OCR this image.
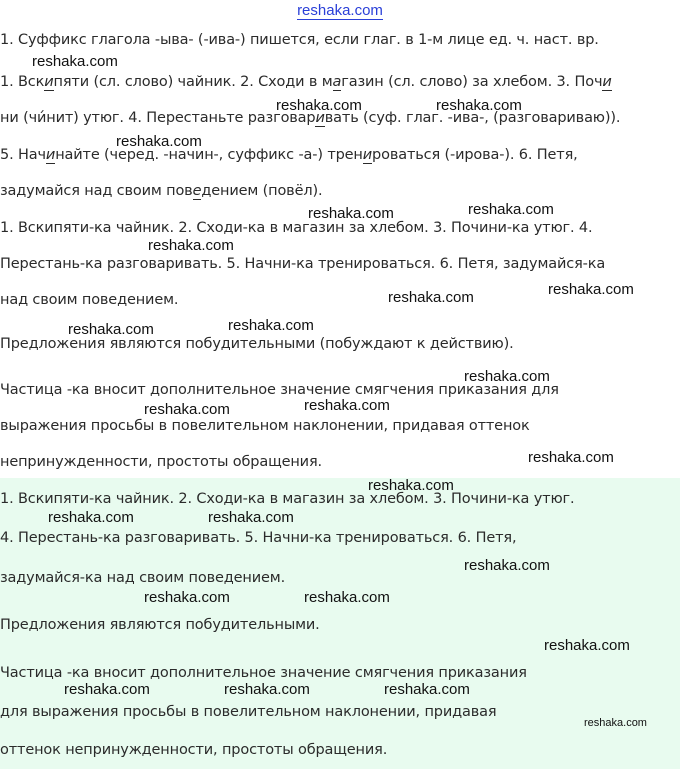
reshaka.com
1. Суффикс глагола -ыва- (-ива-) пишется, если глаг. в 1-м лице ед. ч. наст. вр.
1. Вскипяти (сл. слово) чайник. 2. Сходи в магазин (сл. слово) за хлебом. 3. Почи
ни (чи́нит) утюг. 4. Перестаньте разговаривать (суф. глаг. -ива-, (разговариваю)).
5. Начинайте (черед. -начин-, суффикс -а-) тренироваться (-ирова-). 6. Петя,
задумайся над своим поведением (повёл).
1. Вскипяти-ка чайник. 2. Сходи-ка в магазин за хлебом. 3. Почини-ка утюг. 4.
Перестань-ка разговаривать. 5. Начни-ка тренироваться. 6. Петя, задумайся-ка
над своим поведением.
Предложения являются побудительными (побуждают к действию).
Частица -ка вносит дополнительное значение смягчения приказания для
выражения просьбы в повелительном наклонении, придавая оттенок
непринужденности, простоты обращения.
1. Вскипяти-ка чайник. 2. Сходи-ка в магазин за хлебом. 3. Почини-ка утюг.
4. Перестань-ка разговаривать. 5. Начни-ка тренироваться. 6. Петя,
задумайся-ка над своим поведением.
Предложения являются побудительными.
Частица -ка вносит дополнительное значение смягчения приказания
для выражения просьбы в повелительном наклонении, придавая
оттенок непринужденности, простоты обращения.
reshaka.com
reshaka.com	reshaka.com
reshaka.com
reshaka.com	reshaka.com
reshaka.com
reshaka.com
reshaka.com
reshaka.com
reshaka.com
reshaka.com
reshaka.com
reshaka.com
reshaka.com
reshaka.com
reshaka.com	reshaka.com
reshaka.com
reshaka.com	reshaka.com
reshaka.com
reshaka.com	reshaka.com	reshaka.com
reshaka.com
